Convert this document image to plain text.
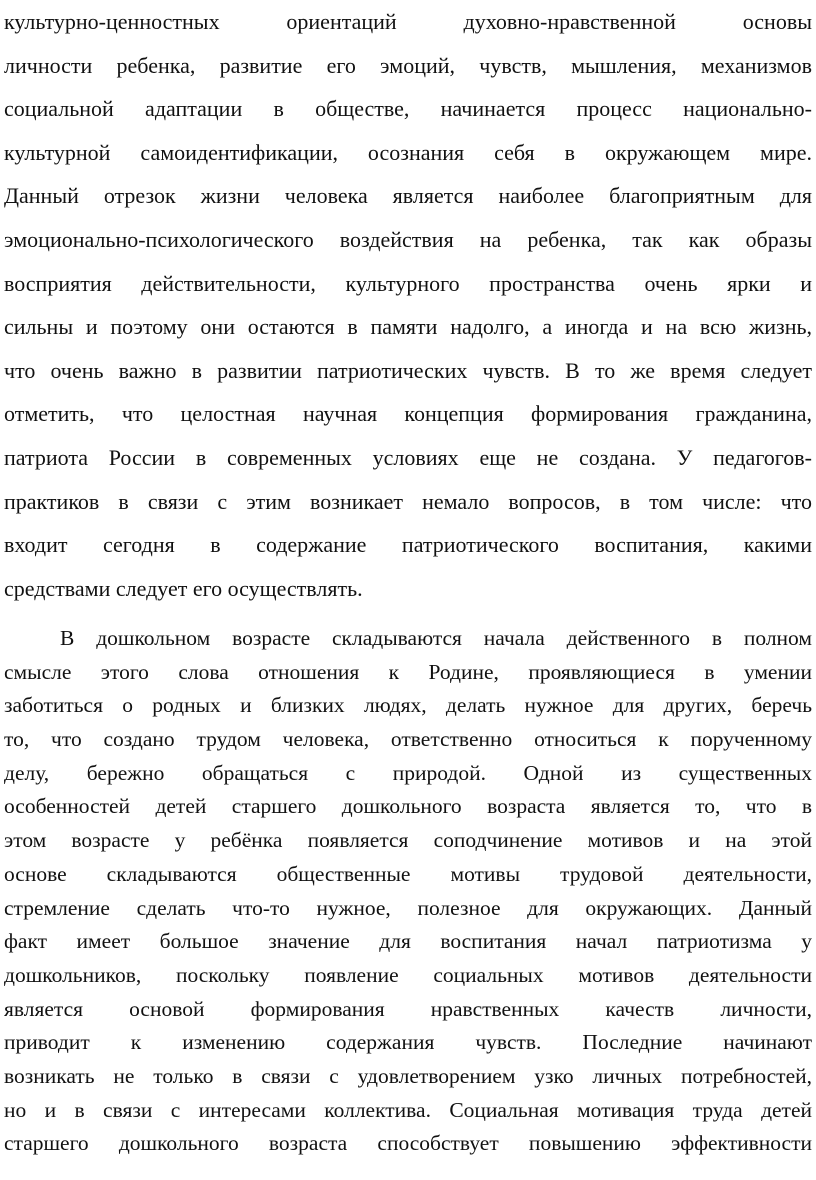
культурно-ценностных ориентаций духовно-нравственной основы
личности ребенка, развитие его эмоций, чувств, мышления, механизмов
социальной адаптации в обществе, начинается процесс национально-
культурной самоидентификации, осознания себя в окружающем мире.
Данный отрезок жизни человека является наиболее благоприятным для
эмоционально-психологического воздействия на ребенка, так как образы
восприятия действительности, культурного пространства очень ярки и
сильны и поэтому они остаются в памяти надолго, а иногда и на всю жизнь,
что очень важно в развитии патриотических чувств. В то же время следует
отметить, что целостная научная концепция формирования гражданина,
патриота России в современных условиях еще не создана. У педагогов-
практиков в связи с этим возникает немало вопросов, в том числе: что
входит сегодня в содержание патриотического воспитания, какими
средствами следует его осуществлять.
В дошкольном возрасте складываются начала действенного в полном
смысле этого слова отношения к Родине, проявляющиеся в умении
заботиться о родных и близких людях, делать нужное для других, беречь
то, что создано трудом человека, ответственно относиться к порученному
делу, бережно обращаться с природой. Одной из существенных
особенностей детей старшего дошкольного возраста является то, что в
этом возрасте у ребёнка появляется соподчинение мотивов и на этой
основе складываются общественные мотивы трудовой деятельности,
стремление сделать что-то нужное, полезное для окружающих. Данный
факт имеет большое значение для воспитания начал патриотизма у
дошкольников, поскольку появление социальных мотивов деятельности
является основой формирования нравственных качеств личности,
приводит к изменению содержания чувств. Последние начинают
возникать не только в связи с удовлетворением узко личных потребностей,
но и в связи с интересами коллектива. Социальная мотивация труда детей
старшего дошкольного возраста способствует повышению эффективности
